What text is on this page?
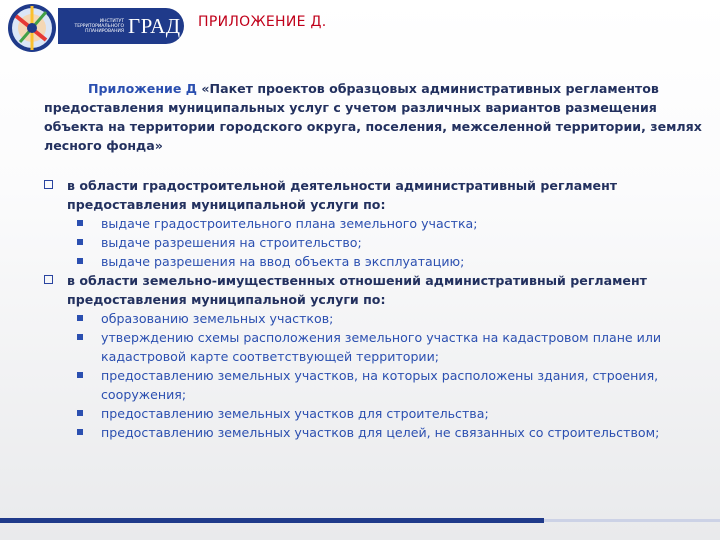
ИНСТИТУТ ТЕРРИТОРИАЛЬНОГО ПЛАНИРОВАНИЯ ГРАД ПРИЛОЖЕНИЕ Д.

Приложение Д «Пакет проектов образцовых административных регламентов предоставления муниципальных услуг с учетом различных вариантов размещения объекта на территории городского округа, поселения, межселенной территории, землях лесного фонда»

в области градостроительной деятельности административный регламент предоставления муниципальной услуги по:

выдаче градостроительного плана земельного участка;
выдаче разрешения на строительство;
выдаче разрешения на ввод объекта в эксплуатацию;

в области земельно-имущественных отношений административный регламент предоставления муниципальной услуги по:

образованию земельных участков;
утверждению схемы расположения земельного участка на кадастровом плане или кадастровой карте соответствующей территории;
предоставлению земельных участков, на которых расположены здания, строения, сооружения;
предоставлению земельных участков для строительства;
предоставлению земельных участков для целей, не связанных со строительством;
